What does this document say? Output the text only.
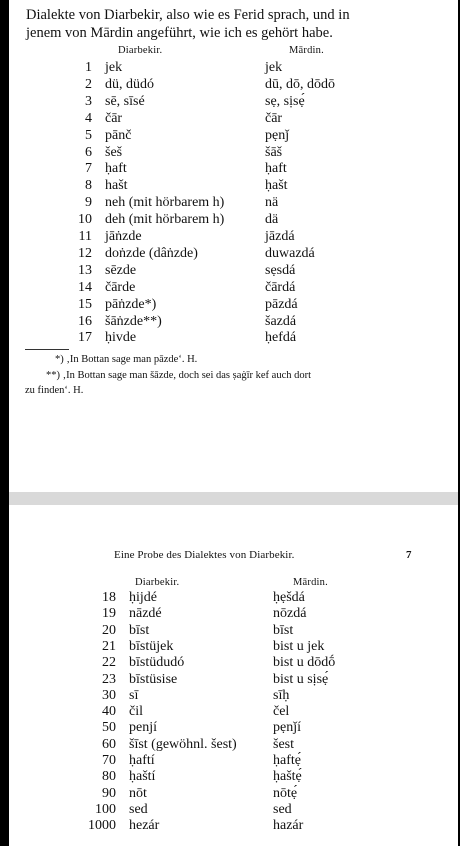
Dialekte von Diarbekir, also wie es Ferid sprach, und in
jenem von Mārdin angeführt, wie ich es gehört habe.
Diarbekir.	Mārdin.
1 jek	jek
2 dü, düdó	dū, dō, dōdō
3 sē, sīsé	sẹ, sịsẹ́
4 čār	čār
5 pānč	pẹnǰ
6 šeš	šāš
7 ḥaft	ḥaft
8 hašt	ḥašt
9 neh (mit hörbarem h)	nä
10 deh (mit hörbarem h)	dä
11 jāṅzde	jāzdá
12 doṅzde (dâṅzde)	duwazdá
13 sēzde	sẹsdá
14 čārde	čārdá
15 pāṅzde*)	pāzdá
16 šāṅzde**)	šazdá
17 ḥivde	ḥefdá
*) ‚In Bottan sage man pāzde‘. H.
**) ‚In Bottan sage man šāzde, doch sei das ṣaġīr kef auch dort
zu finden‘. H.
Eine Probe des Dialektes von Diarbekir.	7
Diarbekir.	Mārdin.
18 ḥijdé	ḥẹšdá
19 nāzdé	nōzdá
20 bīst	bīst
21 bīstüjek	bist u jek
22 bīstüdudó	bist u dōdṓ
23 bīstüsise	bist u sịsẹ́
30 sī	sīḥ
40 čil	čel
50 penjí	pẹnǰí
60 šīst (gewöhnl. šest)	šest
70 ḥaftí	ḥaftẹ́
80 ḥaští	ḥaštẹ́
90 nōt	nōtẹ́
100 sed	sed
1000 hezár	hazár
